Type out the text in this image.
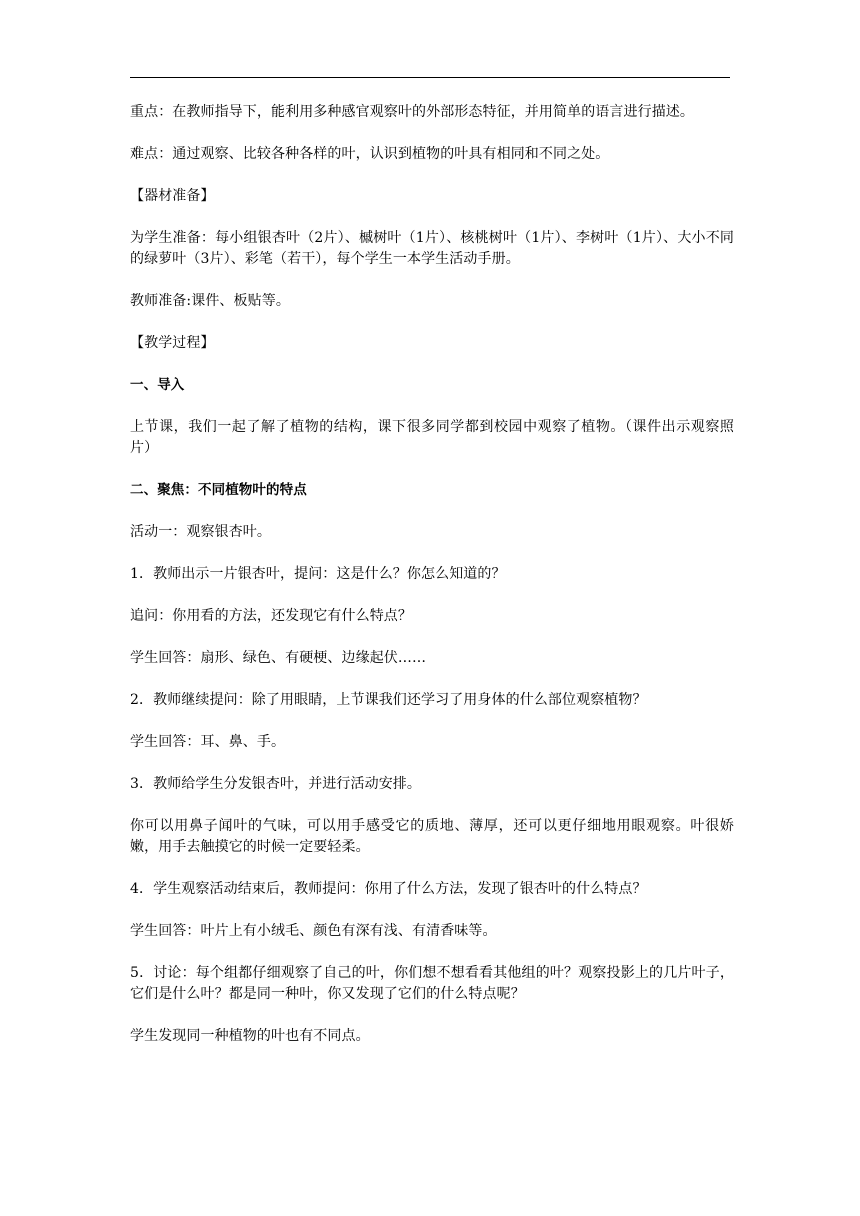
重点：在教师指导下，能利用多种感官观察叶的外部形态特征，并用简单的语言进行描述。

难点：通过观察、比较各种各样的叶，认识到植物的叶具有相同和不同之处。

【器材准备】

为学生准备：每小组银杏叶（2片）、槭树叶（1片）、核桃树叶（1片）、李树叶（1片）、大小不同的绿萝叶（3片）、彩笔（若干），每个学生一本学生活动手册。

教师准备:课件、板贴等。

【教学过程】

一、导入

上节课，我们一起了解了植物的结构，课下很多同学都到校园中观察了植物。（课件出示观察照片）

二、聚焦：不同植物叶的特点

活动一：观察银杏叶。

1．教师出示一片银杏叶，提问：这是什么？你怎么知道的？

追问：你用看的方法，还发现它有什么特点？

学生回答：扇形、绿色、有硬梗、边缘起伏……

2．教师继续提问：除了用眼睛，上节课我们还学习了用身体的什么部位观察植物？

学生回答：耳、鼻、手。

3．教师给学生分发银杏叶，并进行活动安排。

你可以用鼻子闻叶的气味，可以用手感受它的质地、薄厚，还可以更仔细地用眼观察。叶很娇嫩，用手去触摸它的时候一定要轻柔。

4．学生观察活动结束后，教师提问：你用了什么方法，发现了银杏叶的什么特点？

学生回答：叶片上有小绒毛、颜色有深有浅、有清香味等。

5．讨论：每个组都仔细观察了自己的叶，你们想不想看看其他组的叶？观察投影上的几片叶子，它们是什么叶？都是同一种叶，你又发现了它们的什么特点呢？

学生发现同一种植物的叶也有不同点。
